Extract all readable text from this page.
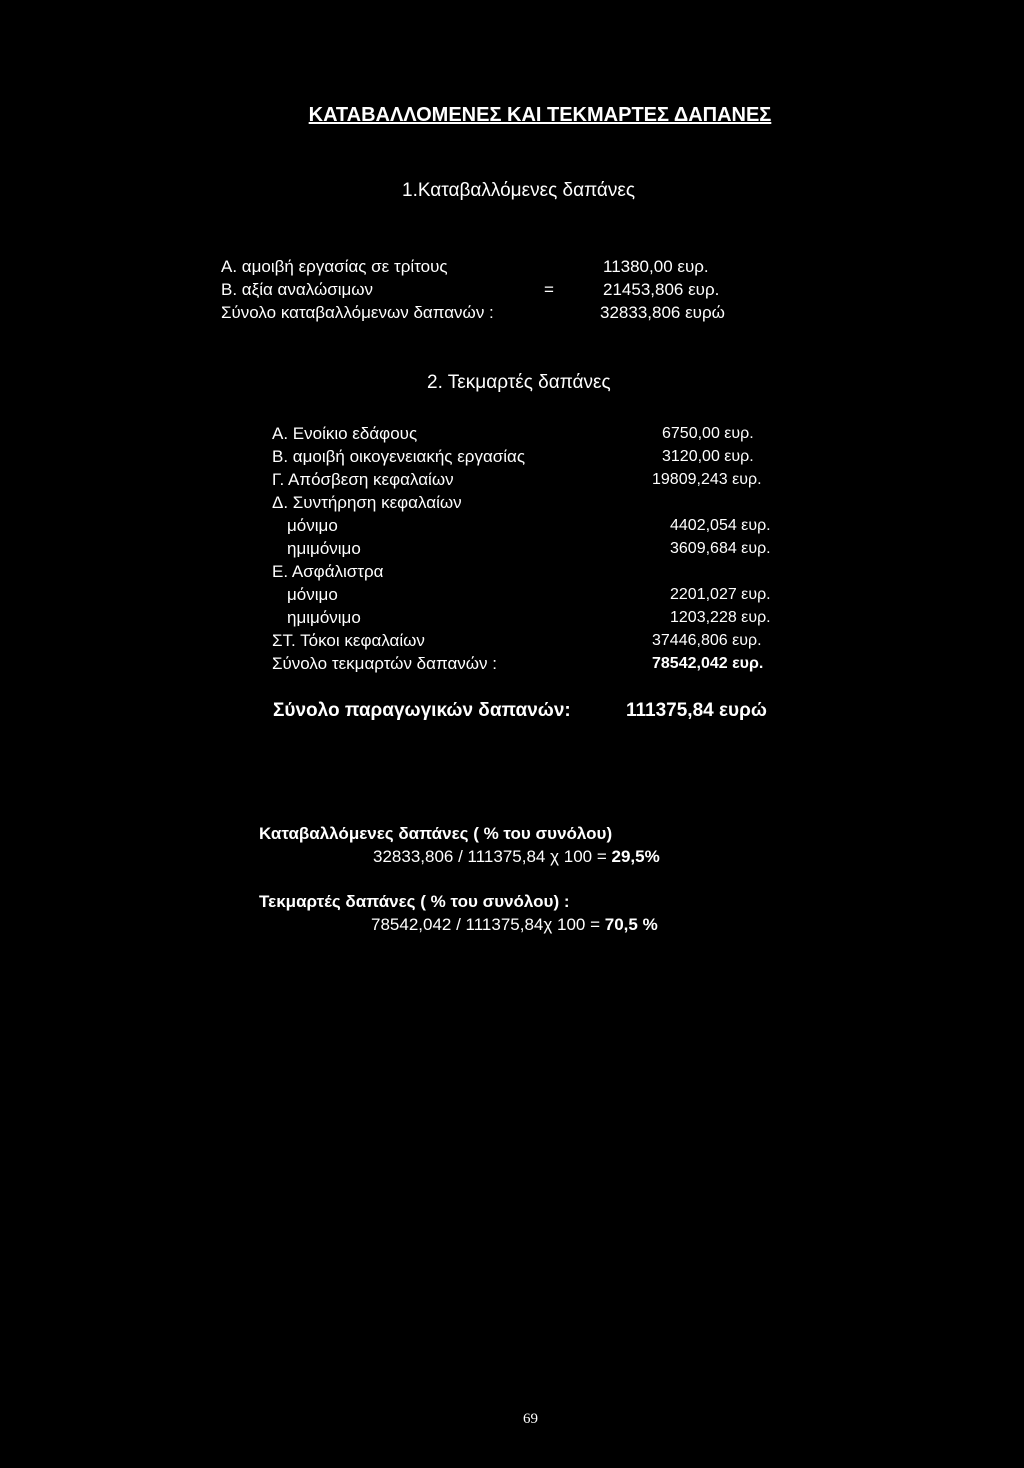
ΚΑΤΑΒΑΛΛΟΜΕΝΕΣ ΚΑΙ ΤΕΚΜΑΡΤΕΣ ΔΑΠΑΝΕΣ
1.Καταβαλλόμενες δαπάνες
Α. αμοιβή εργασίας σε τρίτους	11380,00 ευρ.
Β. αξία αναλώσιμων	=	21453,806 ευρ.
Σύνολο καταβαλλόμενων δαπανών :	32833,806 ευρώ
2. Τεκμαρτές δαπάνες
Α. Ενοίκιο εδάφους	6750,00 ευρ.
Β. αμοιβή οικογενειακής εργασίας	3120,00 ευρ.
Γ. Απόσβεση κεφαλαίων	19809,243 ευρ.
Δ. Συντήρηση κεφαλαίων
μόνιμο	4402,054 ευρ.
ημιμόνιμο	3609,684 ευρ.
Ε. Ασφάλιστρα
μόνιμο	2201,027 ευρ.
ημιμόνιμο	1203,228 ευρ.
ΣΤ. Τόκοι κεφαλαίων	37446,806 ευρ.
Σύνολο τεκμαρτών δαπανών :	78542,042 ευρ.
Σύνολο παραγωγικών δαπανών:	111375,84 ευρώ
Καταβαλλόμενες δαπάνες ( % του συνόλου)
32833,806 / 111375,84 χ 100 = 29,5%
Τεκμαρτές δαπάνες ( % του συνόλου) :
78542,042 / 111375,84χ 100 = 70,5 %
69
